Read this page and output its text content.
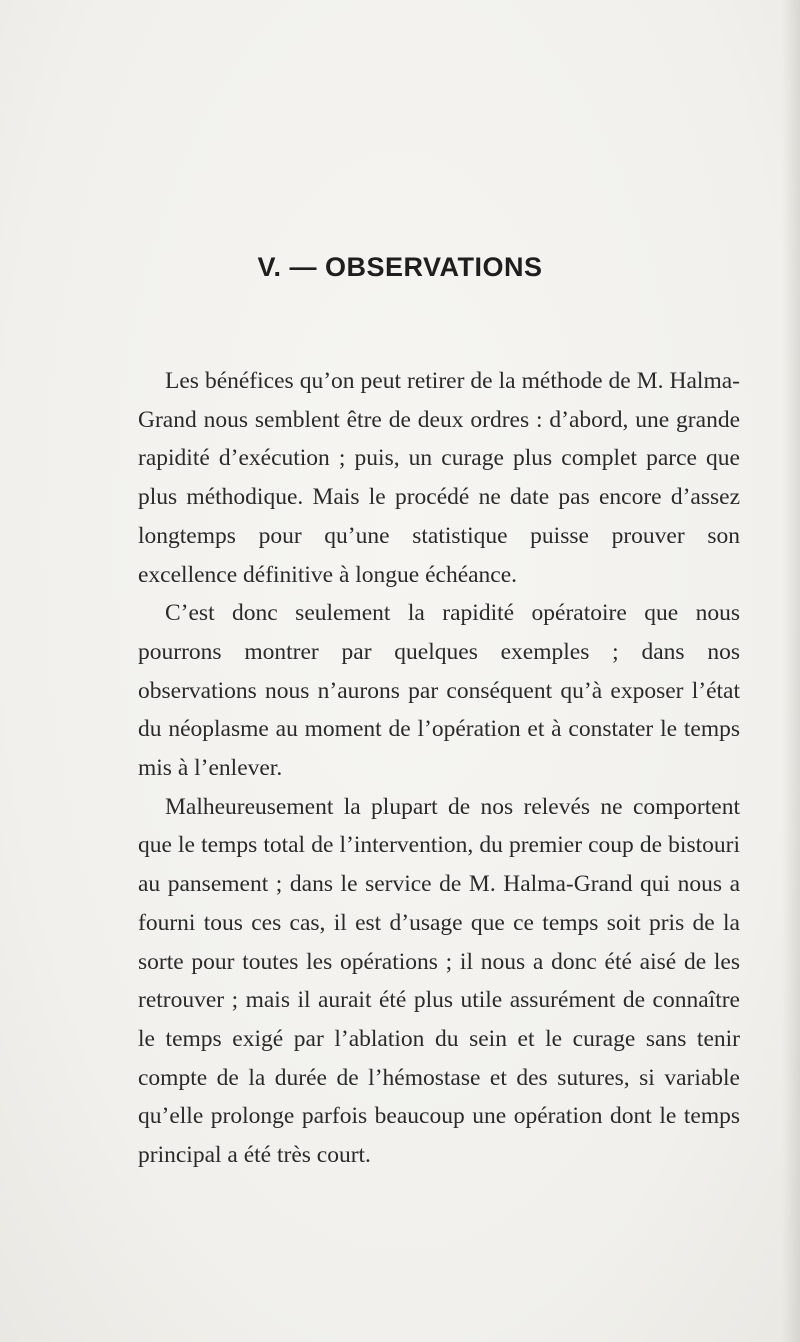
V. — OBSERVATIONS

Les bénéfices qu’on peut retirer de la méthode de M. Halma-Grand nous semblent être de deux ordres : d’abord, une grande rapidité d’exécution ; puis, un curage plus complet parce que plus méthodique. Mais le procédé ne date pas encore d’assez longtemps pour qu’une statistique puisse prouver son excellence définitive à longue échéance.

C’est donc seulement la rapidité opératoire que nous pourrons montrer par quelques exemples ; dans nos observations nous n’aurons par conséquent qu’à exposer l’état du néoplasme au moment de l’opération et à constater le temps mis à l’enlever.

Malheureusement la plupart de nos relevés ne comportent que le temps total de l’intervention, du premier coup de bistouri au pansement ; dans le service de M. Halma-Grand qui nous a fourni tous ces cas, il est d’usage que ce temps soit pris de la sorte pour toutes les opérations ; il nous a donc été aisé de les retrouver ; mais il aurait été plus utile assurément de connaître le temps exigé par l’ablation du sein et le curage sans tenir compte de la durée de l’hémostase et des sutures, si variable qu’elle prolonge parfois beaucoup une opération dont le temps principal a été très court.
